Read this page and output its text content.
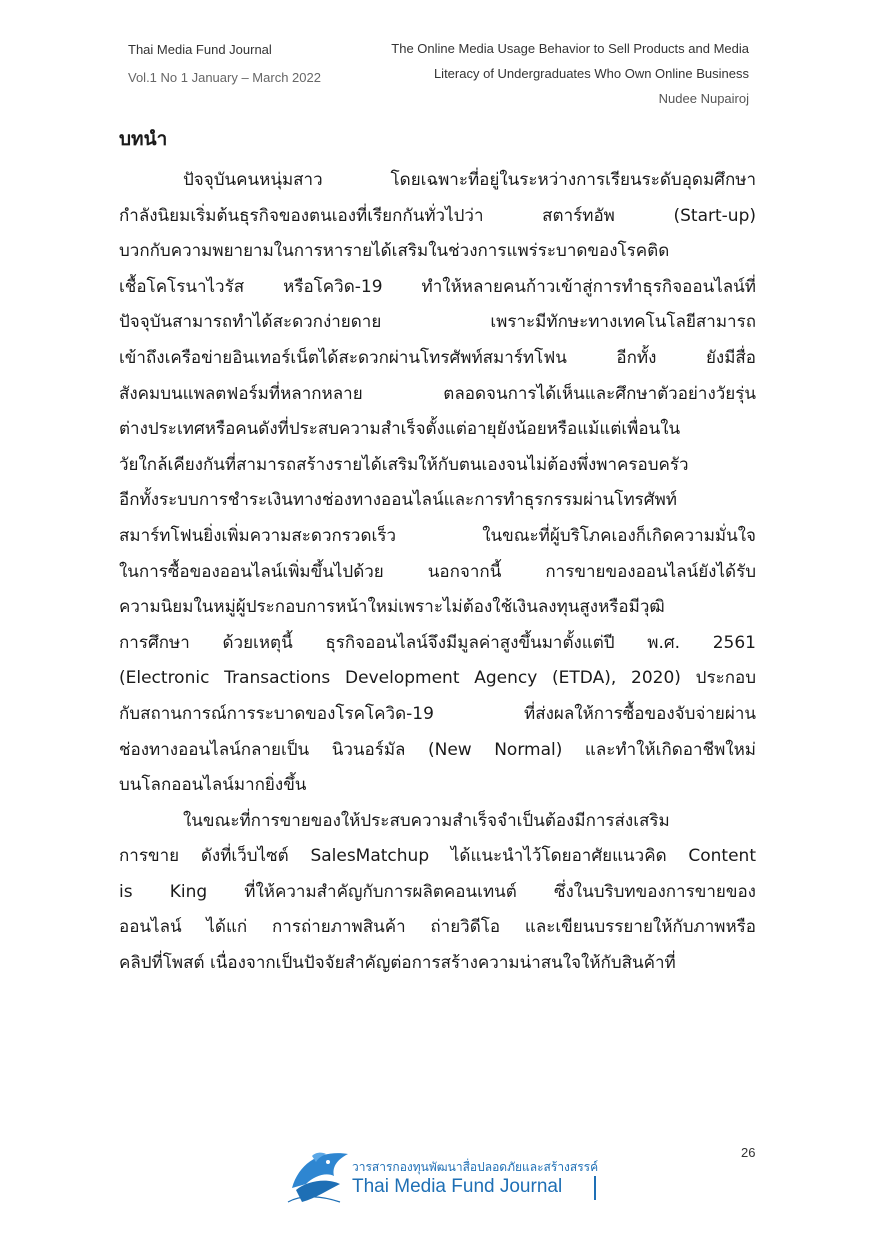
Thai Media Fund Journal
Vol.1 No 1 January – March 2022
The Online Media Usage Behavior to Sell Products and Media
Literacy of Undergraduates Who Own Online Business
Nudee Nupairoj
บทนำ
ปัจจุบันคนหนุ่มสาว โดยเฉพาะที่อยู่ในระหว่างการเรียนระดับอุดมศึกษา
กำลังนิยมเริ่มต้นธุรกิจของตนเองที่เรียกกันทั่วไปว่า สตาร์ทอัพ (Start-up)
บวกกับความพยายามในการหารายได้เสริมในช่วงการแพร่ระบาดของโรคติด
เชื้อโคโรนาไวรัส หรือโควิด-19 ทำให้หลายคนก้าวเข้าสู่การทำธุรกิจออนไลน์ที่
ปัจจุบันสามารถทำได้สะดวกง่ายดาย เพราะมีทักษะทางเทคโนโลยีสามารถ
เข้าถึงเครือข่ายอินเทอร์เน็ตได้สะดวกผ่านโทรศัพท์สมาร์ทโฟน อีกทั้ง ยังมีสื่อ
สังคมบนแพลตฟอร์มที่หลากหลาย ตลอดจนการได้เห็นและศึกษาตัวอย่างวัยรุ่น
ต่างประเทศหรือคนดังที่ประสบความสำเร็จตั้งแต่อายุยังน้อยหรือแม้แต่เพื่อนใน
วัยใกล้เคียงกันที่สามารถสร้างรายได้เสริมให้กับตนเองจนไม่ต้องพึ่งพาครอบครัว
อีกทั้งระบบการชำระเงินทางช่องทางออนไลน์และการทำธุรกรรมผ่านโทรศัพท์
สมาร์ทโฟนยิ่งเพิ่มความสะดวกรวดเร็ว ในขณะที่ผู้บริโภคเองก็เกิดความมั่นใจ
ในการซื้อของออนไลน์เพิ่มขึ้นไปด้วย นอกจากนี้ การขายของออนไลน์ยังได้รับ
ความนิยมในหมู่ผู้ประกอบการหน้าใหม่เพราะไม่ต้องใช้เงินลงทุนสูงหรือมีวุฒิ
การศึกษา ด้วยเหตุนี้ ธุรกิจออนไลน์จึงมีมูลค่าสูงขึ้นมาตั้งแต่ปี พ.ศ. 2561
(Electronic Transactions Development Agency (ETDA), 2020) ประกอบ
กับสถานการณ์การระบาดของโรคโควิด-19 ที่ส่งผลให้การซื้อของจับจ่ายผ่าน
ช่องทางออนไลน์กลายเป็น นิวนอร์มัล (New Normal) และทำให้เกิดอาชีพใหม่
บนโลกออนไลน์มากยิ่งขึ้น
ในขณะที่การขายของให้ประสบความสำเร็จจำเป็นต้องมีการส่งเสริม
การขาย ดังที่เว็บไซต์ SalesMatchup ได้แนะนำไว้โดยอาศัยแนวคิด Content
is King ที่ให้ความสำคัญกับการผลิตคอนเทนต์ ซึ่งในบริบทของการขายของ
ออนไลน์ ได้แก่ การถ่ายภาพสินค้า ถ่ายวิดีโอ และเขียนบรรยายให้กับภาพหรือ
คลิปที่โพสต์ เนื่องจากเป็นปัจจัยสำคัญต่อการสร้างความน่าสนใจให้กับสินค้าที่
26
วารสารกองทุนพัฒนาสื่อปลอดภัยและสร้างสรรค์
Thai Media Fund Journal
